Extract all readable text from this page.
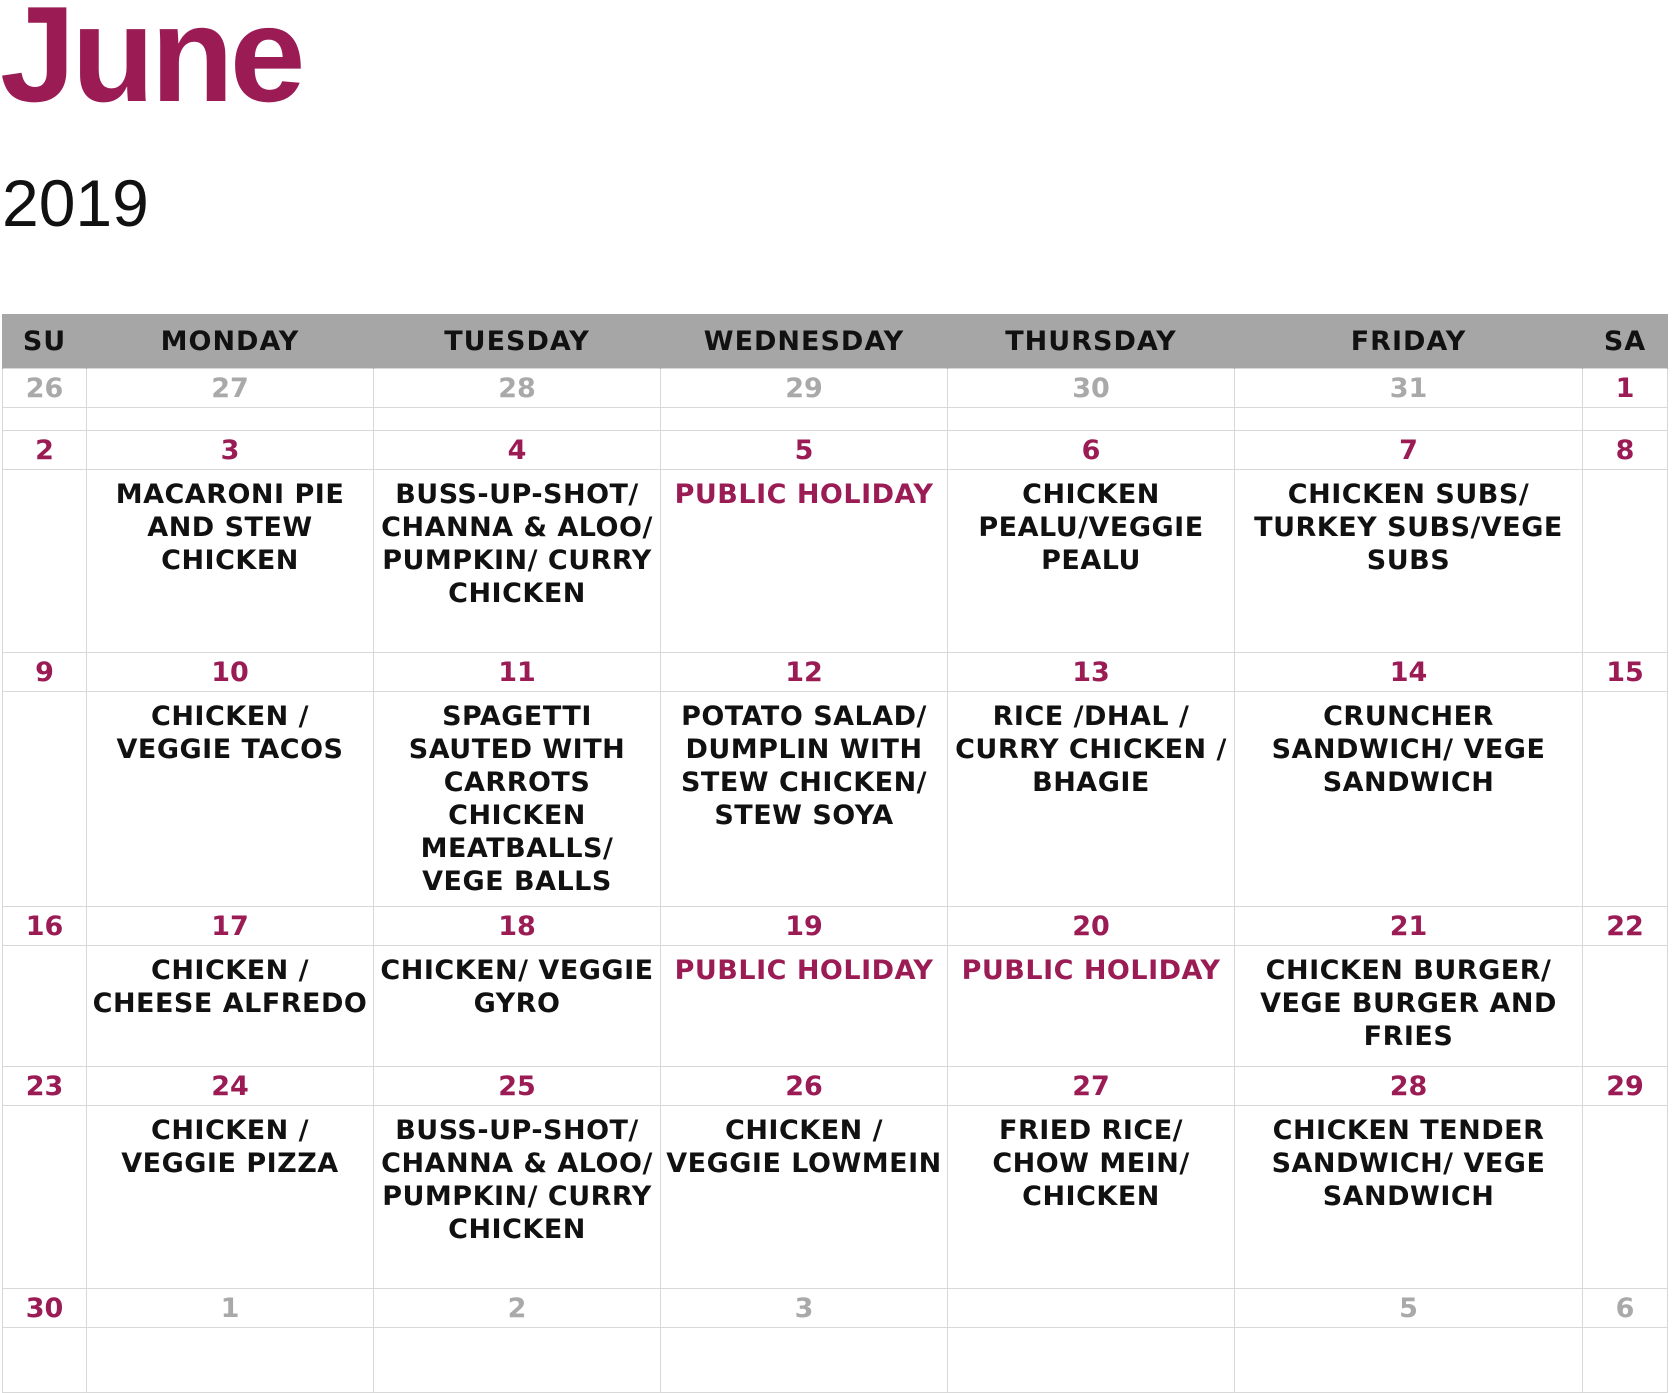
June
2019
SU	MONDAY	TUESDAY	WEDNESDAY	THURSDAY	FRIDAY	SA
26	27	28	29	30	31	1

2	3	4	5	6	7	8
	MACARONI PIE AND STEW CHICKEN	BUSS-UP-SHOT/ CHANNA & ALOO/ PUMPKIN/ CURRY CHICKEN	PUBLIC HOLIDAY	CHICKEN PEALU/VEGGIE PEALU	CHICKEN SUBS/ TURKEY SUBS/VEGE SUBS	
9	10	11	12	13	14	15
	CHICKEN / VEGGIE TACOS	SPAGETTI SAUTED WITH CARROTS CHICKEN MEATBALLS/ VEGE BALLS	POTATO SALAD/ DUMPLIN WITH STEW CHICKEN/ STEW SOYA	RICE /DHAL / CURRY CHICKEN / BHAGIE	CRUNCHER SANDWICH/ VEGE SANDWICH	
16	17	18	19	20	21	22
	CHICKEN / CHEESE ALFREDO	CHICKEN/ VEGGIE GYRO	PUBLIC HOLIDAY	PUBLIC HOLIDAY	CHICKEN BURGER/ VEGE BURGER AND FRIES	
23	24	25	26	27	28	29
	CHICKEN / VEGGIE PIZZA	BUSS-UP-SHOT/ CHANNA & ALOO/ PUMPKIN/ CURRY CHICKEN	CHICKEN / VEGGIE LOWMEIN	FRIED RICE/ CHOW MEIN/ CHICKEN	CHICKEN TENDER SANDWICH/ VEGE SANDWICH	
30	1	2	3		5	6
